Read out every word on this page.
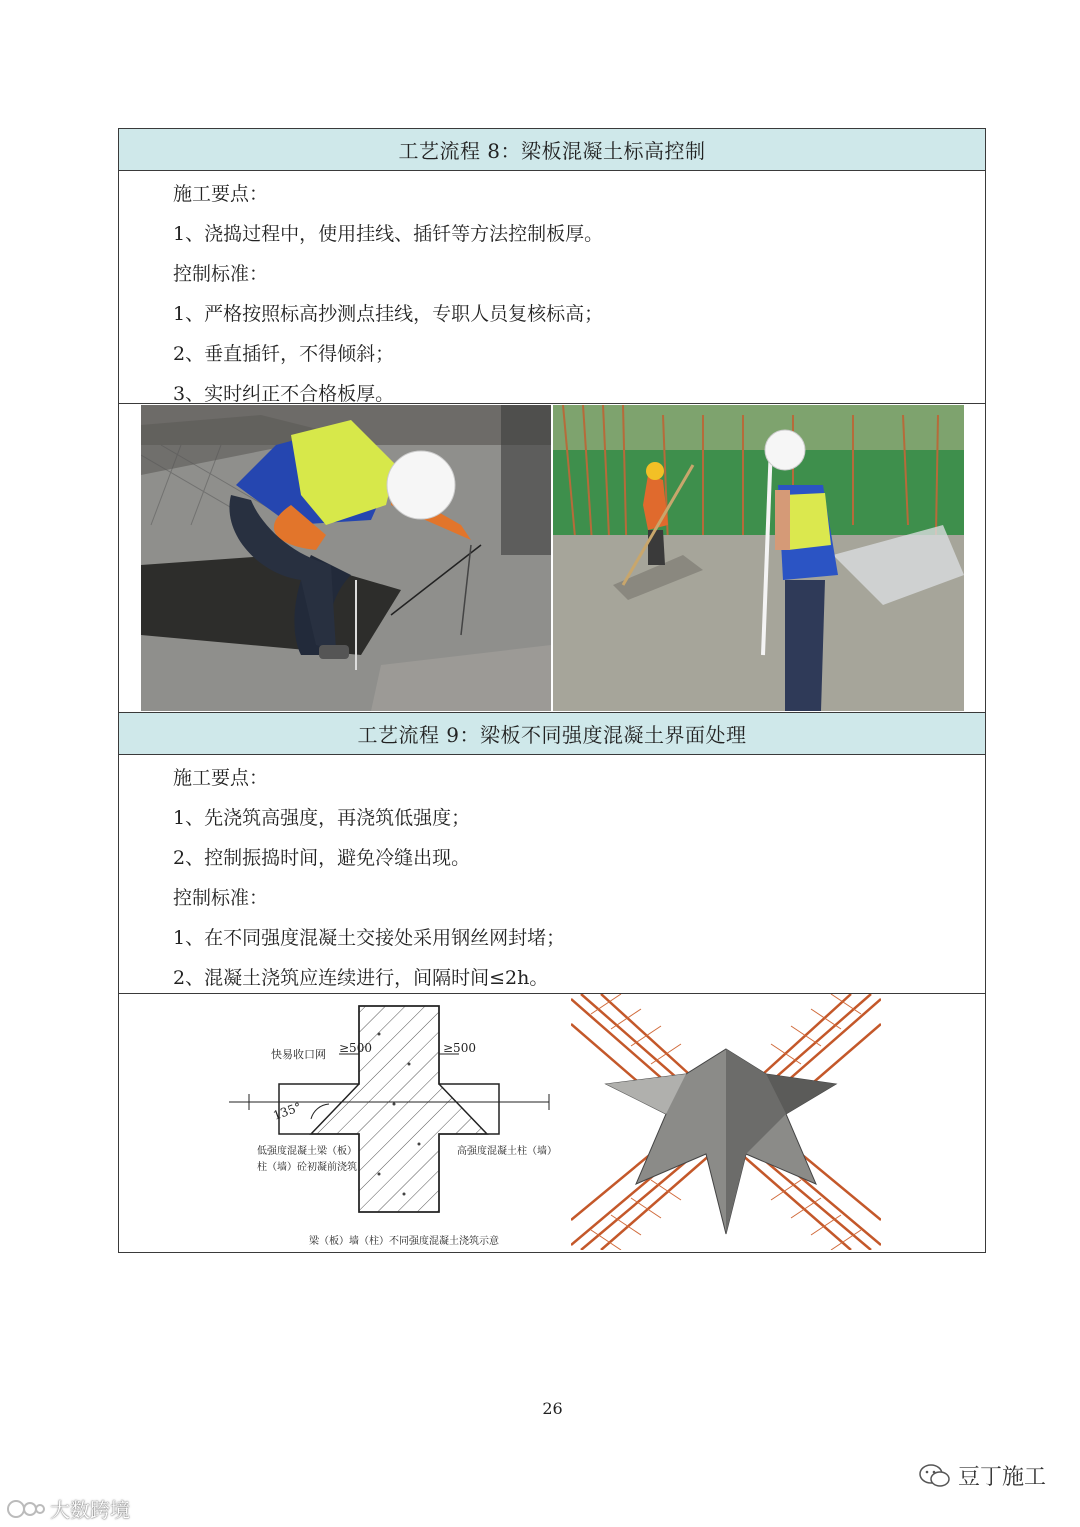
工艺流程 8：梁板混凝土标高控制
施工要点：
1、浇捣过程中，使用挂线、插钎等方法控制板厚。
控制标准：
1、严格按照标高抄测点挂线，专职人员复核标高；
2、垂直插钎，不得倾斜；
3、实时纠正不合格板厚。
工艺流程 9：梁板不同强度混凝土界面处理
施工要点：
1、先浇筑高强度，再浇筑低强度；
2、控制振捣时间，避免冷缝出现。
控制标准：
1、在不同强度混凝土交接处采用钢丝网封堵；
2、混凝土浇筑应连续进行，间隔时间≤2h。
快易收口网 ≥500	≥500
135°
低强度混凝土梁（板）
柱（墙）砼初凝前浇筑
高强度混凝土柱（墙）
梁（板）墙（柱）不同强度混凝土浇筑示意
26
豆丁施工
大数跨境
